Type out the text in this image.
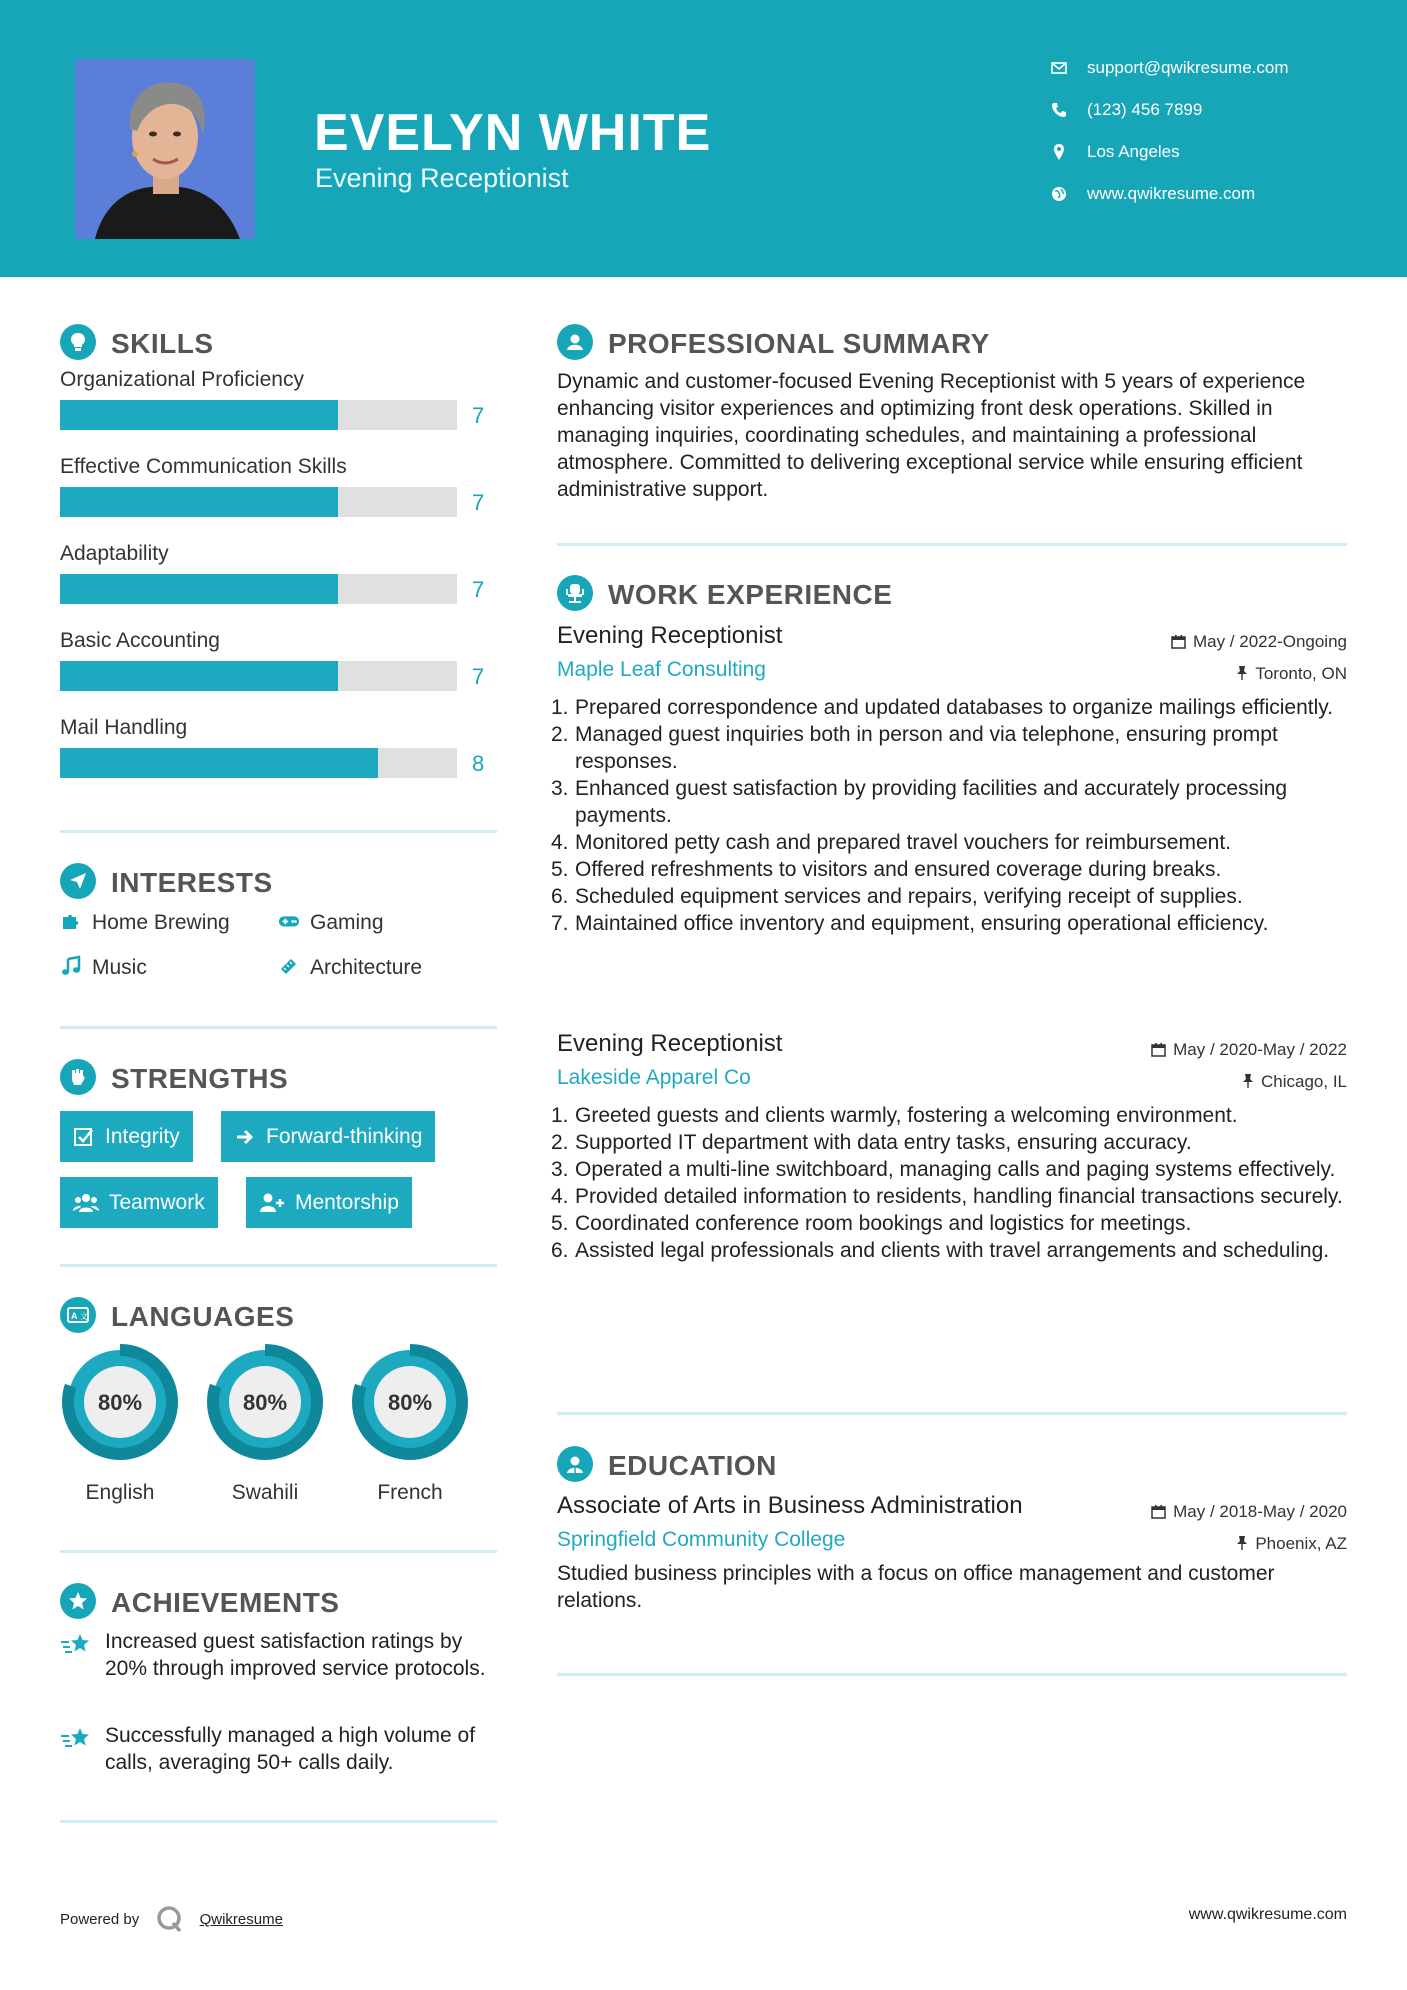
EVELYN WHITE
Evening Receptionist
support@qwikresume.com
(123) 456 7899
Los Angeles
www.qwikresume.com
SKILLS
Organizational Proficiency
7
Effective Communication Skills
7
Adaptability
7
Basic Accounting
7
Mail Handling
8
INTERESTS
Home Brewing	Gaming
Music	Architecture
STRENGTHS
Integrity	Forward-thinking
Teamwork	Mentorship
A 文 LANGUAGES
80%
English
80%
Swahili
80%
French
ACHIEVEMENTS
Increased guest satisfaction ratings by 20% through improved service protocols.
Successfully managed a high volume of calls, averaging 50+ calls daily.
PROFESSIONAL SUMMARY
Dynamic and customer-focused Evening Receptionist with 5 years of experience enhancing visitor experiences and optimizing front desk operations. Skilled in managing inquiries, coordinating schedules, and maintaining a professional atmosphere. Committed to delivering exceptional service while ensuring efficient administrative support.
WORK EXPERIENCE
Evening Receptionist	May / 2022-Ongoing
Maple Leaf Consulting	Toronto, ON
1. Prepared correspondence and updated databases to organize mailings efficiently.
2. Managed guest inquiries both in person and via telephone, ensuring prompt responses.
3. Enhanced guest satisfaction by providing facilities and accurately processing payments.
4. Monitored petty cash and prepared travel vouchers for reimbursement.
5. Offered refreshments to visitors and ensured coverage during breaks.
6. Scheduled equipment services and repairs, verifying receipt of supplies.
7. Maintained office inventory and equipment, ensuring operational efficiency.
Evening Receptionist	May / 2020-May / 2022
Lakeside Apparel Co	Chicago, IL
1. Greeted guests and clients warmly, fostering a welcoming environment.
2. Supported IT department with data entry tasks, ensuring accuracy.
3. Operated a multi-line switchboard, managing calls and paging systems effectively.
4. Provided detailed information to residents, handling financial transactions securely.
5. Coordinated conference room bookings and logistics for meetings.
6. Assisted legal professionals and clients with travel arrangements and scheduling.
EDUCATION
Associate of Arts in Business Administration	May / 2018-May / 2020
Springfield Community College	Phoenix, AZ
Studied business principles with a focus on office management and customer relations.
Powered by	Qwikresume	www.qwikresume.com
